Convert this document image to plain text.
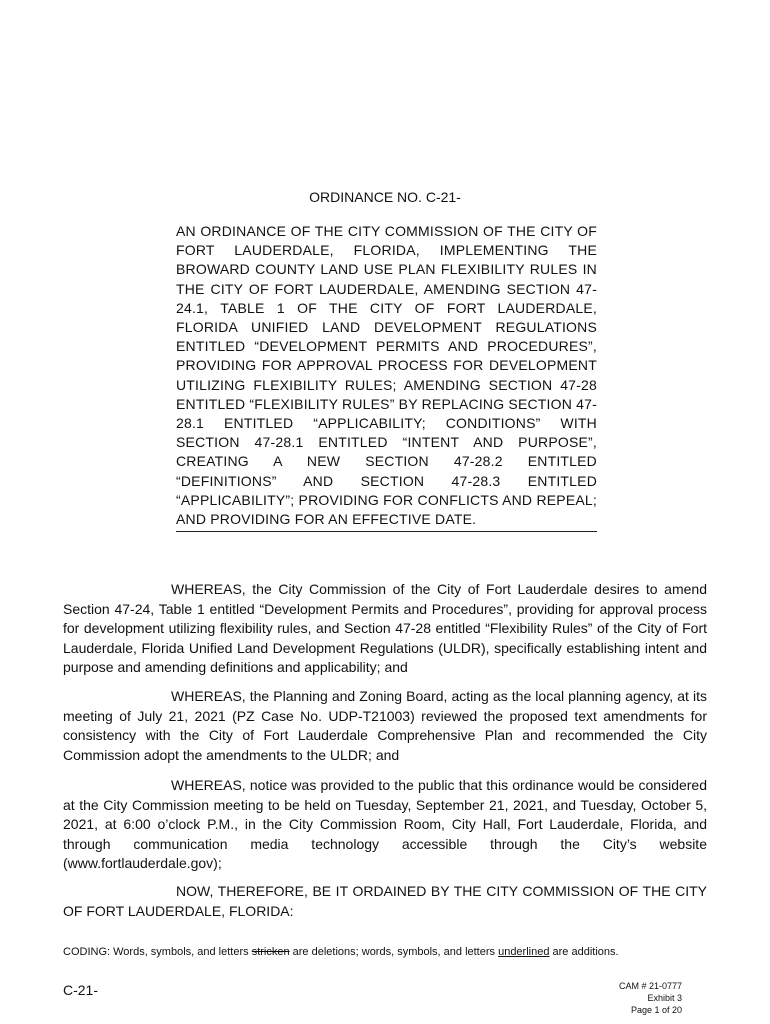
ORDINANCE NO. C-21-
AN ORDINANCE OF THE CITY COMMISSION OF THE CITY OF FORT LAUDERDALE, FLORIDA, IMPLEMENTING THE BROWARD COUNTY LAND USE PLAN FLEXIBILITY RULES IN THE CITY OF FORT LAUDERDALE, AMENDING SECTION 47-24.1, TABLE 1 OF THE CITY OF FORT LAUDERDALE, FLORIDA UNIFIED LAND DEVELOPMENT REGULATIONS ENTITLED “DEVELOPMENT PERMITS AND PROCEDURES”, PROVIDING FOR APPROVAL PROCESS FOR DEVELOPMENT UTILIZING FLEXIBILITY RULES; AMENDING SECTION 47-28 ENTITLED “FLEXIBILITY RULES” BY REPLACING SECTION 47-28.1 ENTITLED “APPLICABILITY; CONDITIONS” WITH SECTION 47-28.1 ENTITLED “INTENT AND PURPOSE”, CREATING A NEW SECTION 47-28.2 ENTITLED “DEFINITIONS” AND SECTION 47-28.3 ENTITLED “APPLICABILITY”; PROVIDING FOR CONFLICTS AND REPEAL; AND PROVIDING FOR AN EFFECTIVE DATE.
WHEREAS, the City Commission of the City of Fort Lauderdale desires to amend Section 47-24, Table 1 entitled “Development Permits and Procedures”, providing for approval process for development utilizing flexibility rules, and Section 47-28 entitled “Flexibility Rules” of the City of Fort Lauderdale, Florida Unified Land Development Regulations (ULDR), specifically establishing intent and purpose and amending definitions and applicability; and
WHEREAS, the Planning and Zoning Board, acting as the local planning agency, at its meeting of July 21, 2021 (PZ Case No. UDP-T21003) reviewed the proposed text amendments for consistency with the City of Fort Lauderdale Comprehensive Plan and recommended the City Commission adopt the amendments to the ULDR; and
WHEREAS, notice was provided to the public that this ordinance would be considered at the City Commission meeting to be held on Tuesday, September 21, 2021, and Tuesday, October 5, 2021, at 6:00 o’clock P.M., in the City Commission Room, City Hall, Fort Lauderdale, Florida, and through communication media technology accessible through the City’s website (www.fortlauderdale.gov);
NOW, THEREFORE, BE IT ORDAINED BY THE CITY COMMISSION OF THE CITY OF FORT LAUDERDALE, FLORIDA:
CODING: Words, symbols, and letters stricken are deletions; words, symbols, and letters underlined are additions.
C-21-	CAM # 21-0777
Exhibit 3
Page 1 of 20
